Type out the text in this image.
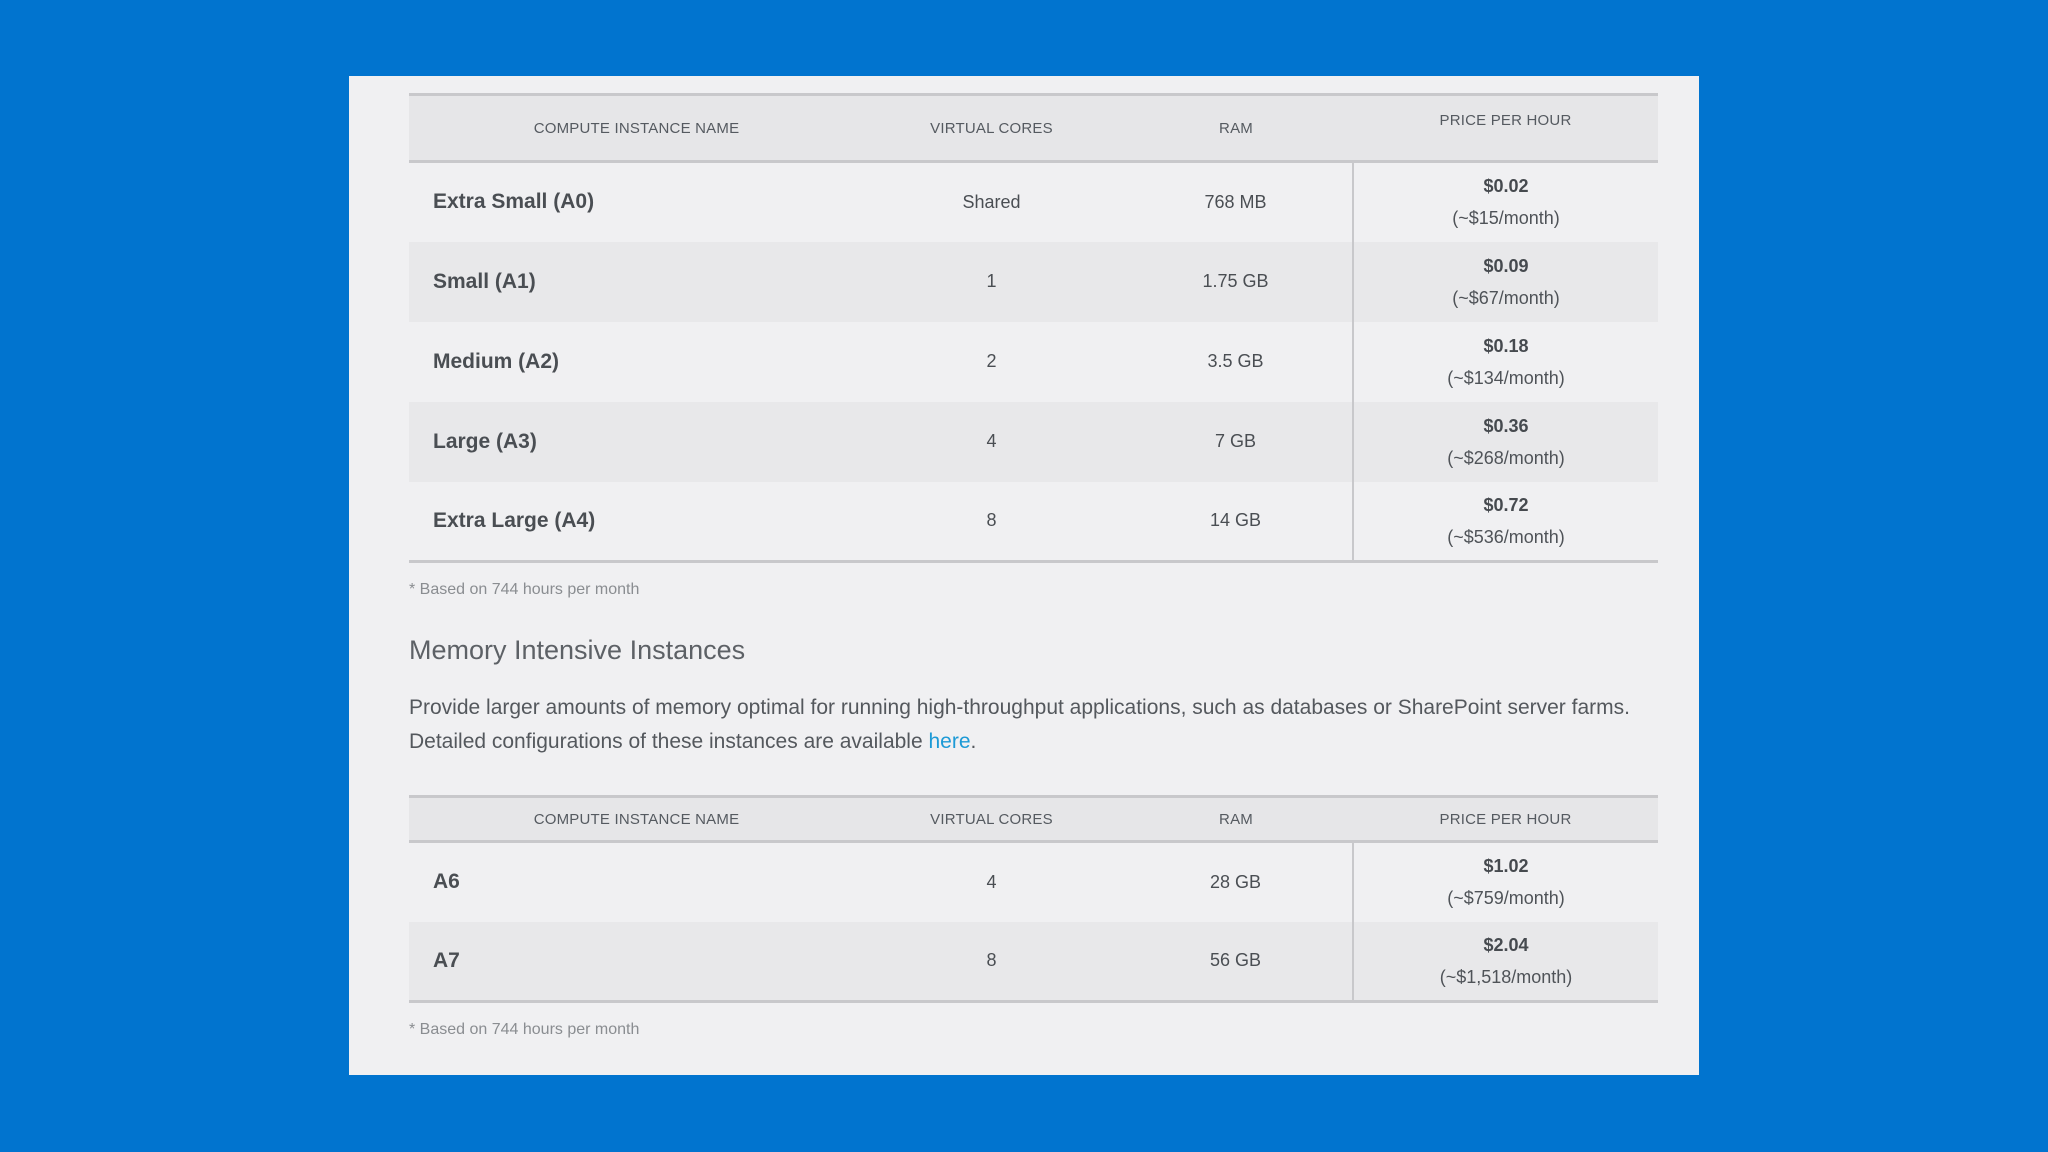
COMPUTE INSTANCE NAME	VIRTUAL CORES	RAM	PRICE PER HOUR
Extra Small (A0)	Shared	768 MB	$0.02
(~$15/month)

Small (A1)	1	1.75 GB	$0.09
(~$67/month)

Medium (A2)	2	3.5 GB	$0.18
(~$134/month)

Large (A3)	4	7 GB	$0.36
(~$268/month)

Extra Large (A4)	8	14 GB	$0.72
(~$536/month)

* Based on 744 hours per month

Memory Intensive Instances

Provide larger amounts of memory optimal for running high-throughput applications, such as databases or SharePoint server farms. Detailed configurations of these instances are available here.

COMPUTE INSTANCE NAME	VIRTUAL CORES	RAM	PRICE PER HOUR
A6	4	28 GB	$1.02
(~$759/month)

A7	8	56 GB	$2.04
(~$1,518/month)

* Based on 744 hours per month
